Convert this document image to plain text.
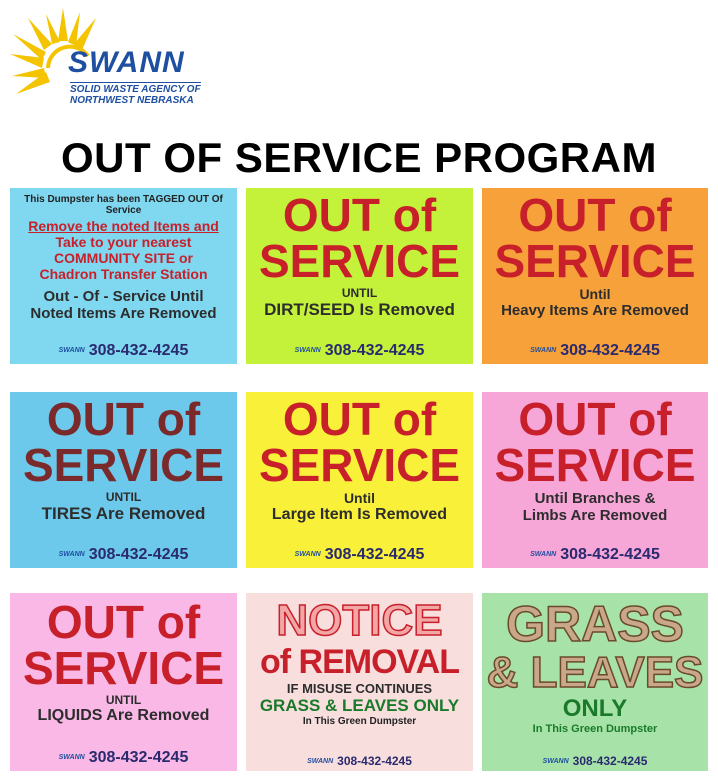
SWANN
SOLID WASTE AGENCY OF
NORTHWEST NEBRASKA
OUT OF SERVICE PROGRAM
This Dumpster has been TAGGED OUT Of Service
Remove the noted Items and
Take to your nearest
COMMUNITY SITE or
Chadron Transfer Station
Out - Of - Service Until
Noted Items Are Removed
SWANN 308-432-4245
OUT of
SERVICE
UNTIL
DIRT/SEED Is Removed
SWANN 308-432-4245
OUT of
SERVICE
Until
Heavy Items Are Removed
SWANN 308-432-4245
OUT of
SERVICE
UNTIL
TIRES Are Removed
SWANN 308-432-4245
OUT of
SERVICE
Until
Large Item Is Removed
SWANN 308-432-4245
OUT of
SERVICE
Until Branches &
Limbs Are Removed
SWANN 308-432-4245
OUT of
SERVICE
UNTIL
LIQUIDS Are Removed
SWANN 308-432-4245
NOTICE
of REMOVAL
IF MISUSE CONTINUES
GRASS & LEAVES ONLY
In This Green Dumpster
SWANN 308-432-4245
GRASS
& LEAVES
ONLY
In This Green Dumpster
SWANN 308-432-4245
